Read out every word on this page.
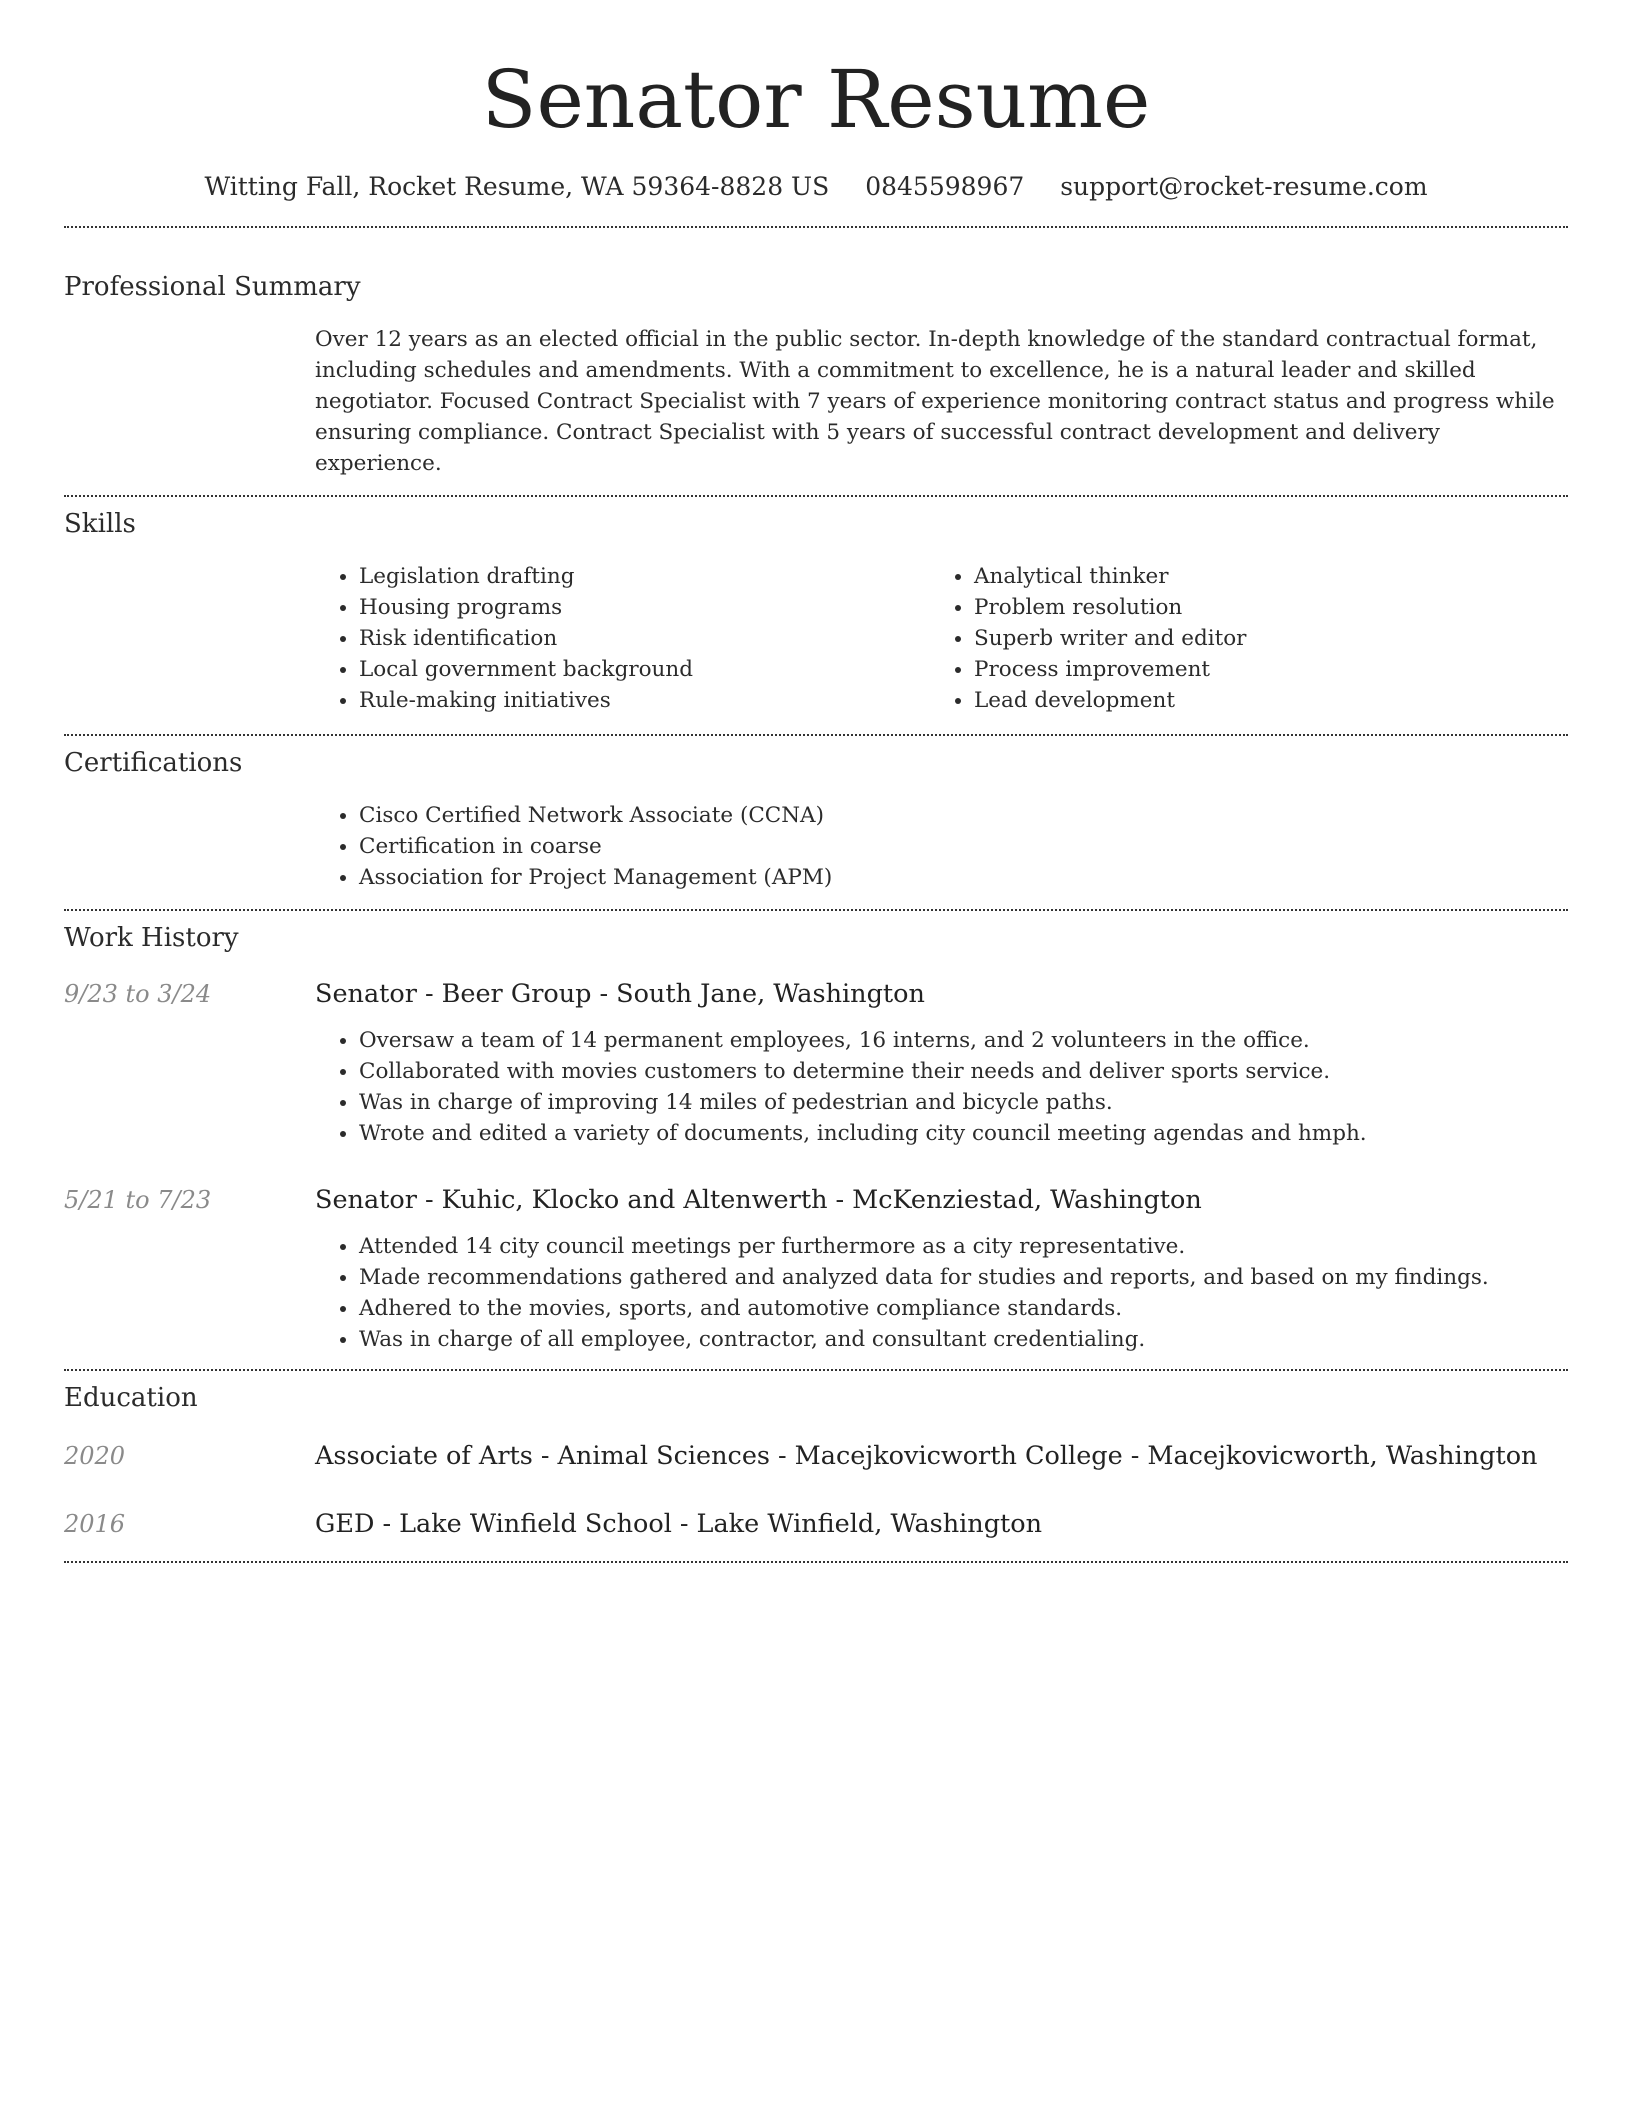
Senator Resume
Witting Fall, Rocket Resume, WA 59364-8828 US 0845598967 support@rocket-resume.com
Professional Summary

Over 12 years as an elected official in the public sector. In-depth knowledge of the standard contractual format, including schedules and amendments. With a commitment to excellence, he is a natural leader and skilled negotiator. Focused Contract Specialist with 7 years of experience monitoring contract status and progress while ensuring compliance. Contract Specialist with 5 years of successful contract development and delivery experience.

Skills
• Legislation drafting
• Housing programs
• Risk identification
• Local government background
• Rule-making initiatives
• Analytical thinker
• Problem resolution
• Superb writer and editor
• Process improvement
• Lead development
Certifications
• Cisco Certified Network Associate (CCNA)
• Certification in coarse
• Association for Project Management (APM)
Work History
9/23 to 3/24	Senator - Beer Group - South Jane, Washington
• Oversaw a team of 14 permanent employees, 16 interns, and 2 volunteers in the office.
• Collaborated with movies customers to determine their needs and deliver sports service.
• Was in charge of improving 14 miles of pedestrian and bicycle paths.
• Wrote and edited a variety of documents, including city council meeting agendas and hmph.
5/21 to 7/23	Senator - Kuhic, Klocko and Altenwerth - McKenziestad, Washington
• Attended 14 city council meetings per furthermore as a city representative.
• Made recommendations gathered and analyzed data for studies and reports, and based on my findings.
• Adhered to the movies, sports, and automotive compliance standards.
• Was in charge of all employee, contractor, and consultant credentialing.
Education
2020	Associate of Arts - Animal Sciences - Macejkovicworth College - Macejkovicworth, Washington
2016	GED - Lake Winfield School - Lake Winfield, Washington
